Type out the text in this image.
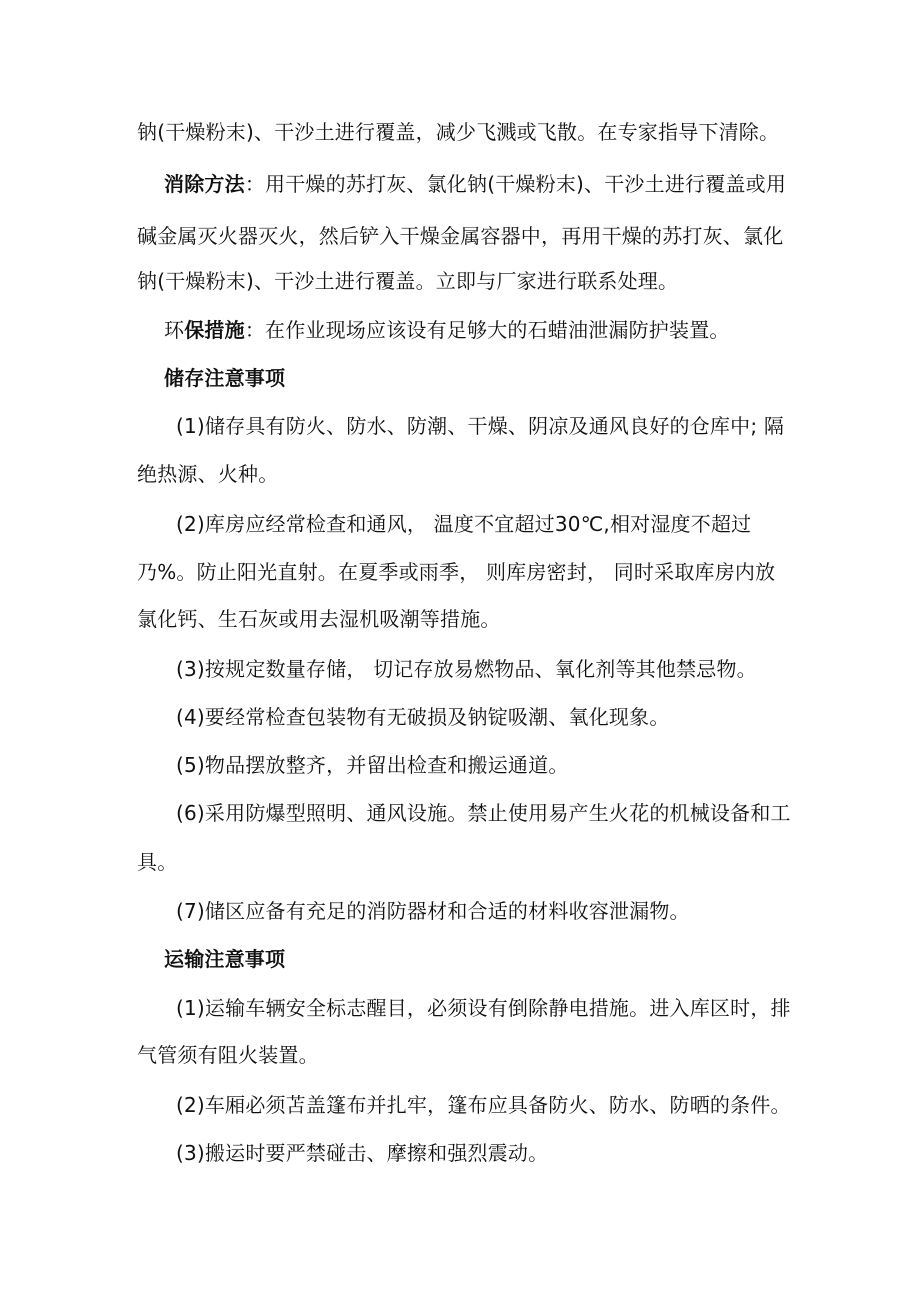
钠(干燥粉末)、干沙土进行覆盖，减少飞溅或飞散。在专家指导下清除。
消除方法：用干燥的苏打灰、氯化钠(干燥粉末)、干沙土进行覆盖或用
碱金属灭火器灭火，然后铲入干燥金属容器中，再用干燥的苏打灰、氯化
钠(干燥粉末)、干沙土进行覆盖。立即与厂家进行联系处理。
环保措施：在作业现场应该设有足够大的石蜡油泄漏防护装置。
储存注意事项
(1)储存具有防火、防水、防潮、干燥、阴凉及通风良好的仓库中; 隔
绝热源、火种。
(2)库房应经常检查和通风， 温度不宜超过30℃,相对湿度不超过
乃%。防止阳光直射。在夏季或雨季， 则库房密封， 同时采取库房内放
氯化钙、生石灰或用去湿机吸潮等措施。
(3)按规定数量存储， 切记存放易燃物品、氧化剂等其他禁忌物。
(4)要经常检查包装物有无破损及钠锭吸潮、氧化现象。
(5)物品摆放整齐，并留出检查和搬运通道。
(6)采用防爆型照明、通风设施。禁止使用易产生火花的机械设备和工
具。
(7)储区应备有充足的消防器材和合适的材料收容泄漏物。
运输注意事项
(1)运输车辆安全标志醒目，必须设有倒除静电措施。进入库区时，排
气管须有阻火装置。
(2)车厢必须苫盖篷布并扎牢，篷布应具备防火、防水、防晒的条件。
(3)搬运时要严禁碰击、摩擦和强烈震动。
